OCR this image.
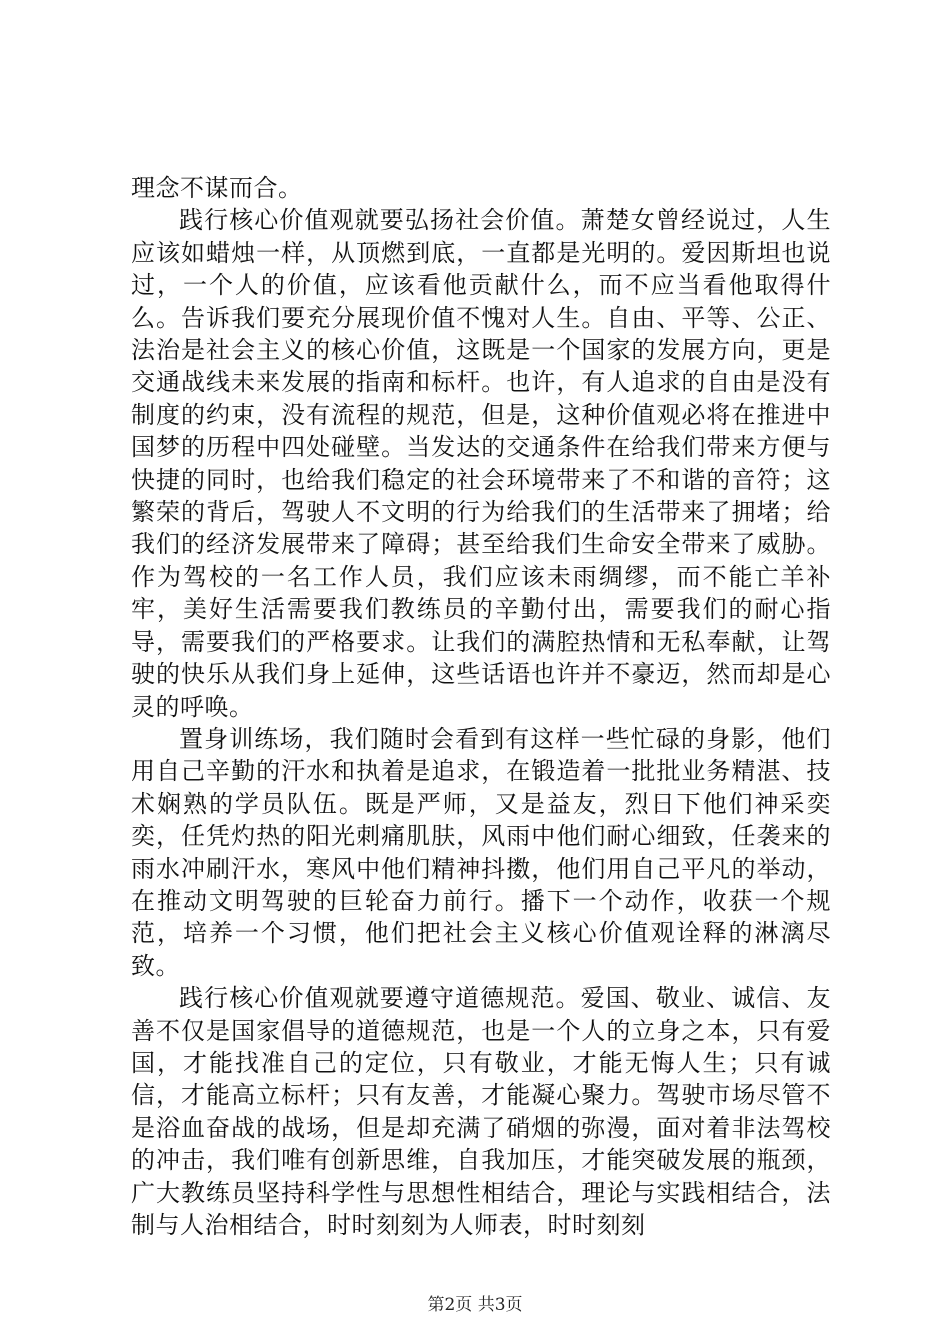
理念不谋而合。

践行核心价值观就要弘扬社会价值。萧楚女曾经说过，人生应该如蜡烛一样，从顶燃到底，一直都是光明的。爱因斯坦也说过，一个人的价值，应该看他贡献什么，而不应当看他取得什么。告诉我们要充分展现价值不愧对人生。自由、平等、公正、法治是社会主义的核心价值，这既是一个国家的发展方向，更是交通战线未来发展的指南和标杆。也许，有人追求的自由是没有制度的约束，没有流程的规范，但是，这种价值观必将在推进中国梦的历程中四处碰壁。当发达的交通条件在给我们带来方便与快捷的同时，也给我们稳定的社会环境带来了不和谐的音符；这繁荣的背后，驾驶人不文明的行为给我们的生活带来了拥堵；给我们的经济发展带来了障碍；甚至给我们生命安全带来了威胁。作为驾校的一名工作人员，我们应该未雨绸缪，而不能亡羊补牢，美好生活需要我们教练员的辛勤付出，需要我们的耐心指导，需要我们的严格要求。让我们的满腔热情和无私奉献，让驾驶的快乐从我们身上延伸，这些话语也许并不豪迈，然而却是心灵的呼唤。

置身训练场，我们随时会看到有这样一些忙碌的身影，他们用自己辛勤的汗水和执着是追求，在锻造着一批批业务精湛、技术娴熟的学员队伍。既是严师，又是益友，烈日下他们神采奕奕，任凭灼热的阳光刺痛肌肤，风雨中他们耐心细致，任袭来的雨水冲刷汗水，寒风中他们精神抖擞，他们用自己平凡的举动，在推动文明驾驶的巨轮奋力前行。播下一个动作，收获一个规范，培养一个习惯，他们把社会主义核心价值观诠释的淋漓尽致。

践行核心价值观就要遵守道德规范。爱国、敬业、诚信、友善不仅是国家倡导的道德规范，也是一个人的立身之本，只有爱国，才能找准自己的定位，只有敬业，才能无悔人生；只有诚信，才能高立标杆；只有友善，才能凝心聚力。驾驶市场尽管不是浴血奋战的战场，但是却充满了硝烟的弥漫，面对着非法驾校的冲击，我们唯有创新思维，自我加压，才能突破发展的瓶颈，广大教练员坚持科学性与思想性相结合，理论与实践相结合，法制与人治相结合，时时刻刻为人师表，时时刻刻

第2页 共3页
